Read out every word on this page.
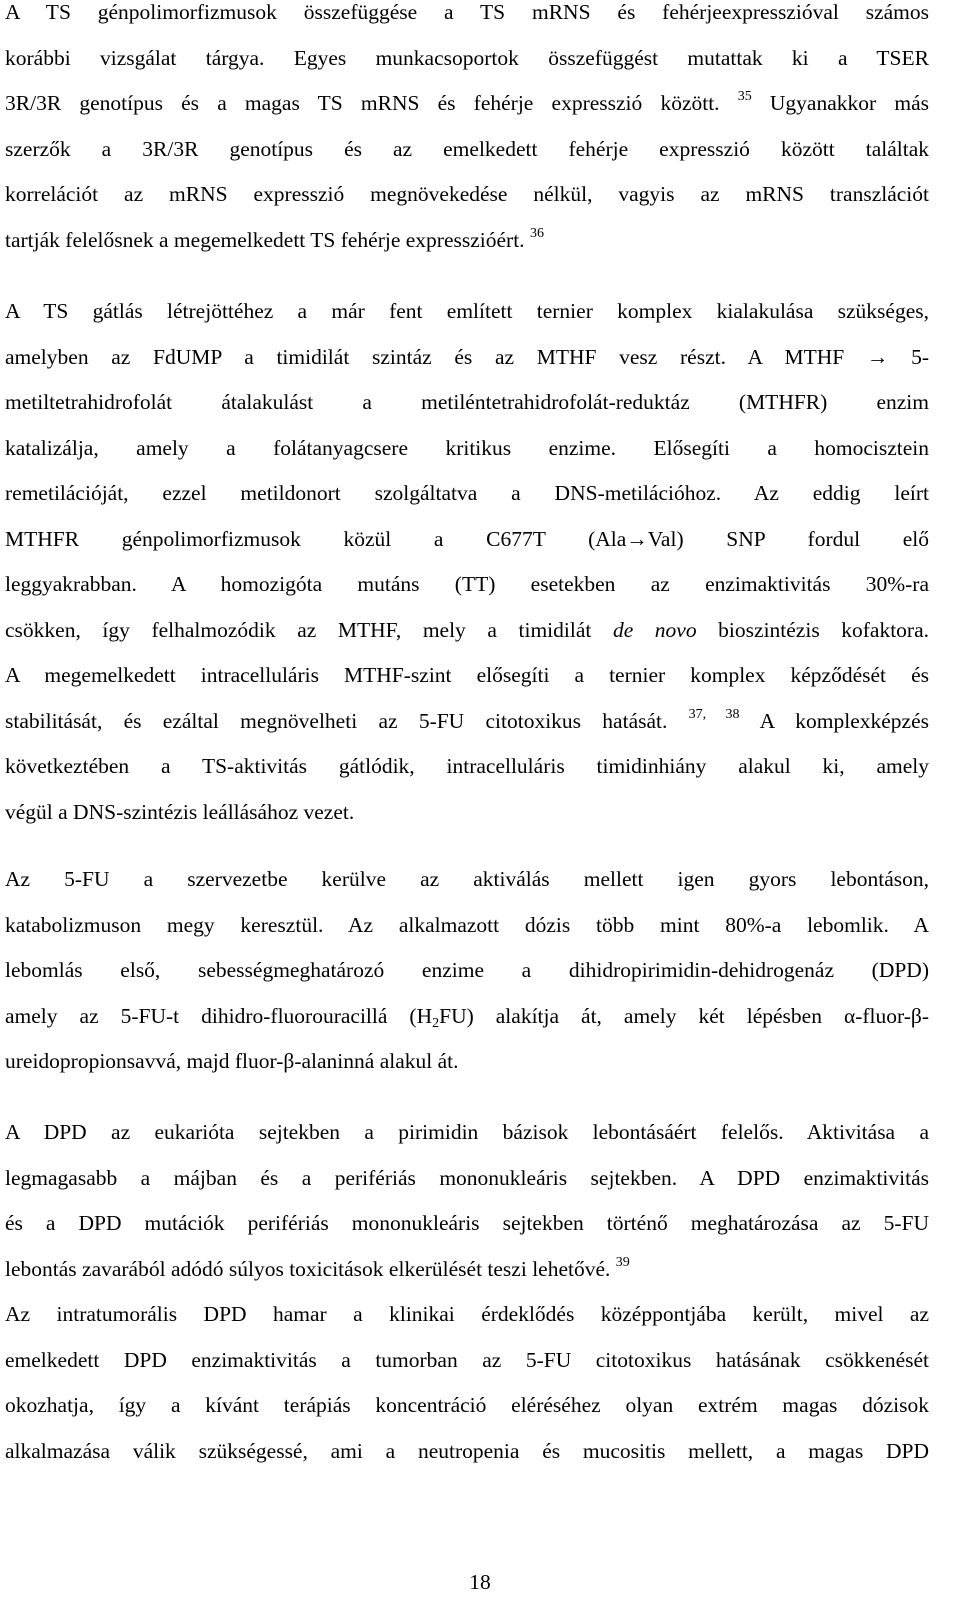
A TS génpolimorfizmusok összefüggése a TS mRNS és fehérjeexpresszióval számos
korábbi vizsgálat tárgya. Egyes munkacsoportok összefüggést mutattak ki a TSER
3R/3R genotípus és a magas TS mRNS és fehérje expresszió között. $^{35}$ Ugyanakkor más
szerzők a 3R/3R genotípus és az emelkedett fehérje expresszió között találtak
korrelációt az mRNS expresszió megnövekedése nélkül, vagyis az mRNS transzlációt
tartják felelősnek a megemelkedett TS fehérje expresszióért. $^{36}$
A TS gátlás létrejöttéhez a már fent említett ternier komplex kialakulása szükséges,
amelyben az FdUMP a timidilát szintáz és az MTHF vesz részt. A MTHF → 5-
metiltetrahidrofolát átalakulást a metiléntetrahidrofolát-reduktáz (MTHFR) enzim
katalizálja, amely a folátanyagcsere kritikus enzime. Elősegíti a homocisztein
remetilációját, ezzel metildonort szolgáltatva a DNS-metilációhoz. Az eddig leírt
MTHFR génpolimorfizmusok közül a C677T (Ala→Val) SNP fordul elő
leggyakrabban. A homozigóta mutáns (TT) esetekben az enzimaktivitás 30%-ra
csökken, így felhalmozódik az MTHF, mely a timidilát de novo bioszintézis kofaktora.
A megemelkedett intracelluláris MTHF-szint elősegíti a ternier komplex képződését és
stabilitását, és ezáltal megnövelheti az 5-FU citotoxikus hatását. $^{37, 38}$ A komplexképzés
következtében a TS-aktivitás gátlódik, intracelluláris timidinhiány alakul ki, amely
végül a DNS-szintézis leállásához vezet.
Az 5-FU a szervezetbe kerülve az aktiválás mellett igen gyors lebontáson,
katabolizmuson megy keresztül. Az alkalmazott dózis több mint 80%-a lebomlik. A
lebomlás első, sebességmeghatározó enzime a dihidropirimidin-dehidrogenáz (DPD)
amely az 5-FU-t dihidro-fluorouracillá $(H_2FU)$ alakítja át, amely két lépésben α-fluor-β-
ureidopropionsavvá, majd fluor-β-alaninná alakul át.
A DPD az eukarióta sejtekben a pirimidin bázisok lebontásáért felelős. Aktivitása a
legmagasabb a májban és a perifériás mononukleáris sejtekben. A DPD enzimaktivitás
és a DPD mutációk perifériás mononukleáris sejtekben történő meghatározása az 5-FU
lebontás zavarából adódó súlyos toxicitások elkerülését teszi lehetővé. $^{39}$
Az intratumorális DPD hamar a klinikai érdeklődés középpontjába került, mivel az
emelkedett DPD enzimaktivitás a tumorban az 5-FU citotoxikus hatásának csökkenését
okozhatja, így a kívánt terápiás koncentráció eléréséhez olyan extrém magas dózisok
alkalmazása válik szükségessé, ami a neutropenia és mucositis mellett, a magas DPD
18
